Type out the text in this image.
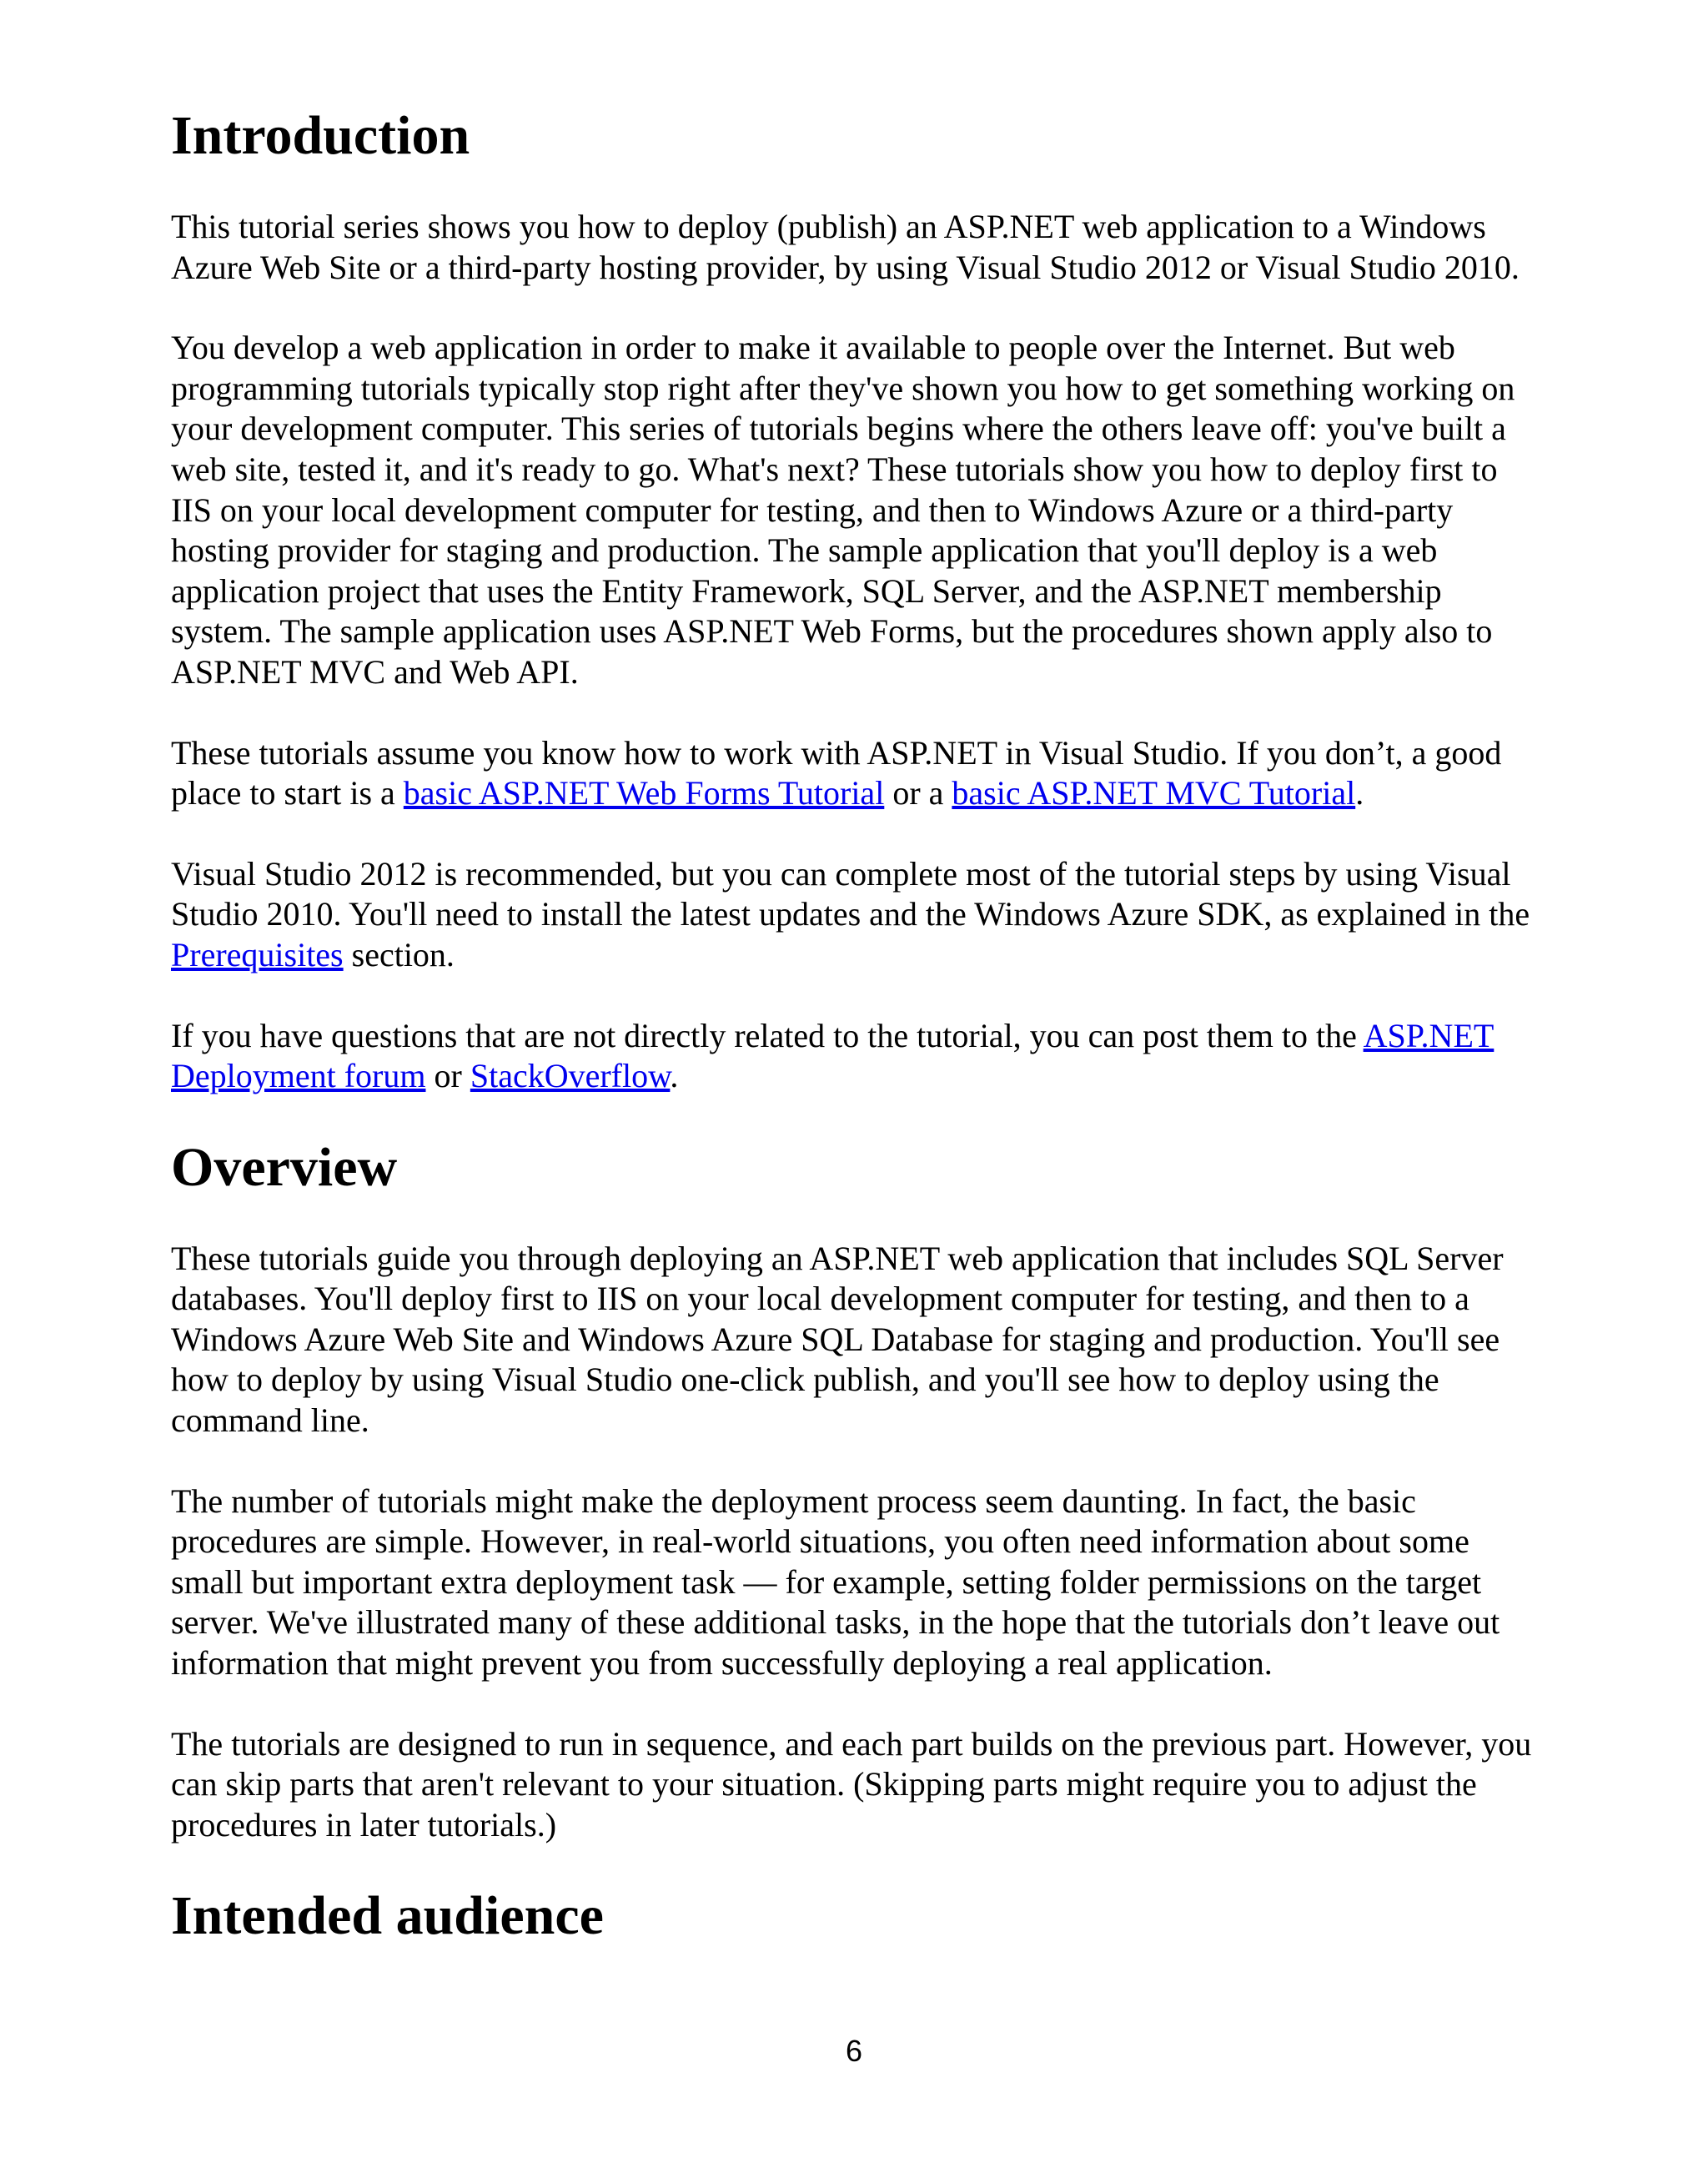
Introduction

This tutorial series shows you how to deploy (publish) an ASP.NET web application to a Windows Azure Web Site or a third-party hosting provider, by using Visual Studio 2012 or Visual Studio 2010.

You develop a web application in order to make it available to people over the Internet. But web programming tutorials typically stop right after they've shown you how to get something working on your development computer. This series of tutorials begins where the others leave off: you've built a web site, tested it, and it's ready to go. What's next? These tutorials show you how to deploy first to IIS on your local development computer for testing, and then to Windows Azure or a third-party hosting provider for staging and production. The sample application that you'll deploy is a web application project that uses the Entity Framework, SQL Server, and the ASP.NET membership system. The sample application uses ASP.NET Web Forms, but the procedures shown apply also to ASP.NET MVC and Web API.

These tutorials assume you know how to work with ASP.NET in Visual Studio. If you don’t, a good place to start is a basic ASP.NET Web Forms Tutorial or a basic ASP.NET MVC Tutorial.

Visual Studio 2012 is recommended, but you can complete most of the tutorial steps by using Visual Studio 2010. You'll need to install the latest updates and the Windows Azure SDK, as explained in the Prerequisites section.

If you have questions that are not directly related to the tutorial, you can post them to the ASP.NET Deployment forum or StackOverflow.

Overview

These tutorials guide you through deploying an ASP.NET web application that includes SQL Server databases. You'll deploy first to IIS on your local development computer for testing, and then to a Windows Azure Web Site and Windows Azure SQL Database for staging and production. You'll see how to deploy by using Visual Studio one-click publish, and you'll see how to deploy using the command line.

The number of tutorials might make the deployment process seem daunting. In fact, the basic procedures are simple. However, in real-world situations, you often need information about some small but important extra deployment task — for example, setting folder permissions on the target server. We've illustrated many of these additional tasks, in the hope that the tutorials don’t leave out information that might prevent you from successfully deploying a real application.

The tutorials are designed to run in sequence, and each part builds on the previous part. However, you can skip parts that aren't relevant to your situation. (Skipping parts might require you to adjust the procedures in later tutorials.)

Intended audience
6
